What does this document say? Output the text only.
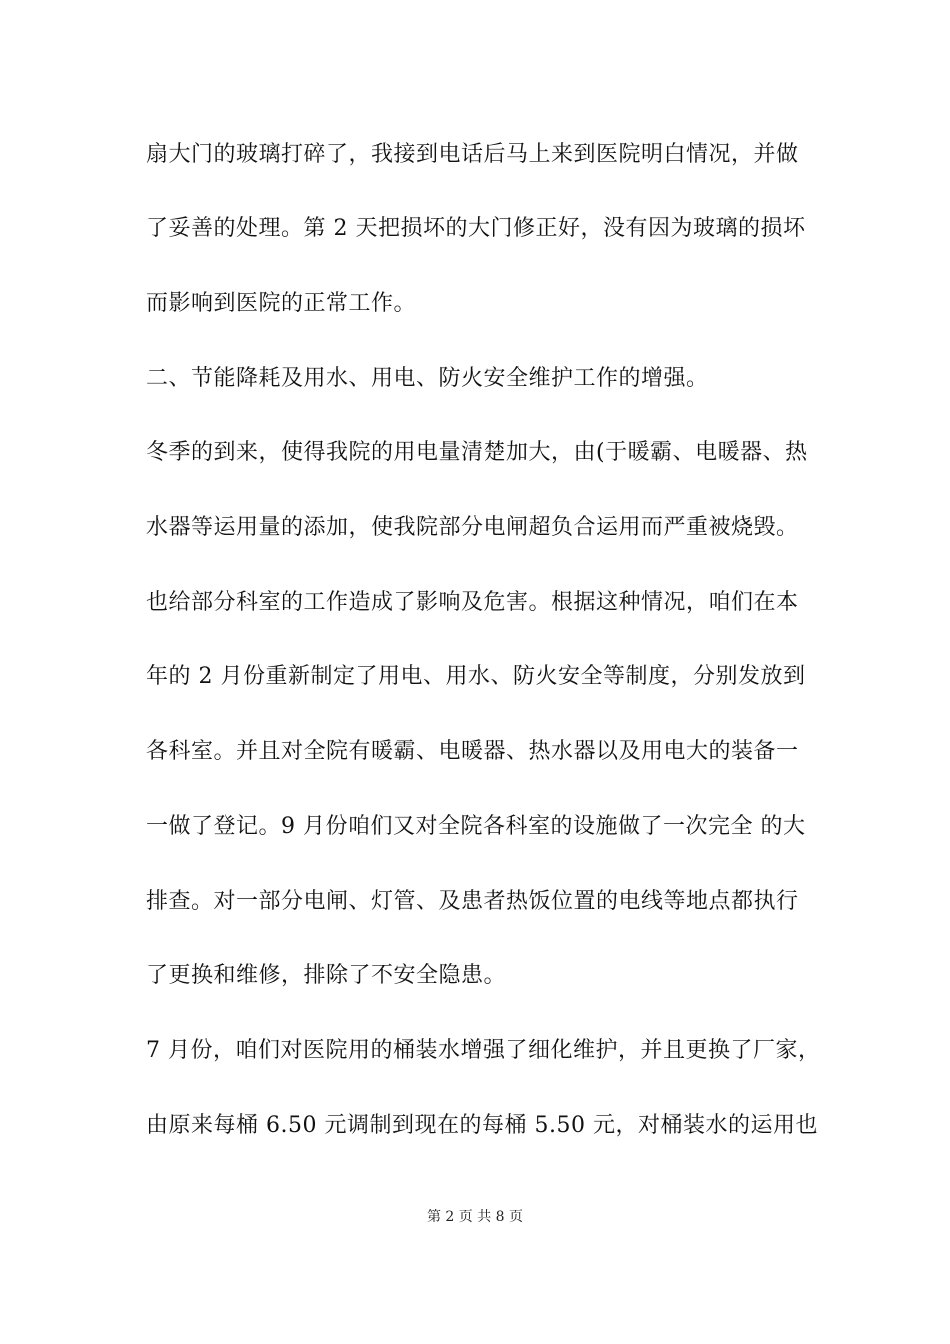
扇大门的玻璃打碎了，我接到电话后马上来到医院明白情况，并做
了妥善的处理。第 2 天把损坏的大门修正好，没有因为玻璃的损坏
而影响到医院的正常工作。
二、节能降耗及用水、用电、防火安全维护工作的增强。
冬季的到来，使得我院的用电量清楚加大，由(于暖霸、电暖器、热
水器等运用量的添加，使我院部分电闸超负合运用而严重被烧毁。
也给部分科室的工作造成了影响及危害。根据这种情况，咱们在本
年的 2 月份重新制定了用电、用水、防火安全等制度，分别发放到
各科室。并且对全院有暖霸、电暖器、热水器以及用电大的装备一
一做了登记。9 月份咱们又对全院各科室的设施做了一次完全 的大
排查。对一部分电闸、灯管、及患者热饭位置的电线等地点都执行
了更换和维修，排除了不安全隐患。
7 月份，咱们对医院用的桶装水增强了细化维护，并且更换了厂家，
由原来每桶 6.50 元调制到现在的每桶 5.50 元，对桶装水的运用也
第 2 页 共 8 页
